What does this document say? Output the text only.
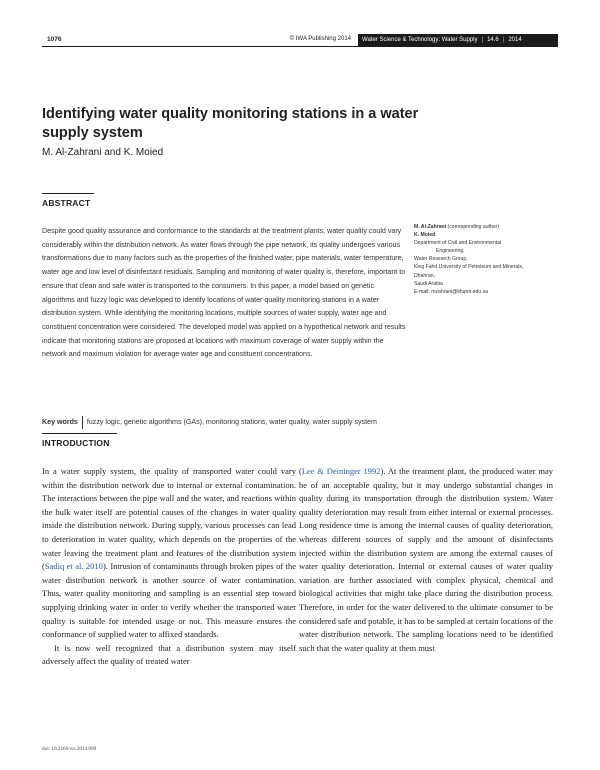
1076	© IWA Publishing 2014	Water Science & Technology: Water Supply | 14.6 | 2014
Identifying water quality monitoring stations in a water supply system
M. Al-Zahrani and K. Moied
ABSTRACT

Despite good quality assurance and conformance to the standards at the treatment plants, water quality could vary considerably within the distribution network. As water flows through the pipe network, its quality undergoes various transformations due to many factors such as the properties of the finished water, pipe materials, water temperature, water age and low level of disinfectant residuals. Sampling and monitoring of water quality is, therefore, important to ensure that clean and safe water is transported to the consumers. In this paper, a model based on genetic algorithms and fuzzy logic was developed to identify locations of water quality monitoring stations in a water distribution system. While identifying the monitoring locations, multiple sources of water supply, water age and constituent concentration were considered. The developed model was applied on a hypothetical network and results indicate that monitoring stations are proposed at locations with maximum coverage of water supply within the network and maximum violation for average water age and constituent concentrations.

Key words	fuzzy logic, genetic algorithms (GAs), monitoring stations, water quality, water supply system
M. Al-Zahrani (corresponding author)
K. Moied
Department of Civil and Environmental
Engineering,
Water Research Group,
King Fahd University of Petroleum and Minerals,
Dhahran,
Saudi Arabia
E-mail: mzahrani@kfupm.edu.sa
INTRODUCTION

In a water supply system, the quality of transported water could vary within the distribution network due to internal or external contamination. The interactions between the pipe wall and the water, and reactions within the bulk water itself are potential causes of the changes in water quality inside the distribution network. During supply, various processes can lead to deterioration in water quality, which depends on the properties of the water leaving the treatment plant and features of the distribution system (Sadiq et al. 2010). Intrusion of contaminants through broken pipes of the water distribution network is another source of water contamination. Thus, water quality monitoring and sampling is an essential step toward supplying drinking water in order to verify whether the transported water quality is suitable for intended usage or not. This measure ensures the conformance of supplied water to affixed standards.

It is now well recognized that a distribution system may itself adversely affect the quality of treated water

(Lee & Deininger 1992). At the treatment plant, the produced water may be of an acceptable quality, but it may undergo substantial changes in quality during its transportation through the distribution system. Water quality deterioration may result from either internal or external processes. Long residence time is among the internal causes of quality deterioration, whereas different sources of supply and the amount of disinfectants injected within the distribution system are among the external causes of water quality deterioration. Internal or external causes of water quality variation are further associated with complex physical, chemical and biological activities that might take place during the distribution process. Therefore, in order for the water delivered to the ultimate consumer to be considered safe and potable, it has to be sampled at certain locations of the water distribution network. The sampling locations need to be identified such that the water quality at them must

doi: 10.2166/ws.2014.069
